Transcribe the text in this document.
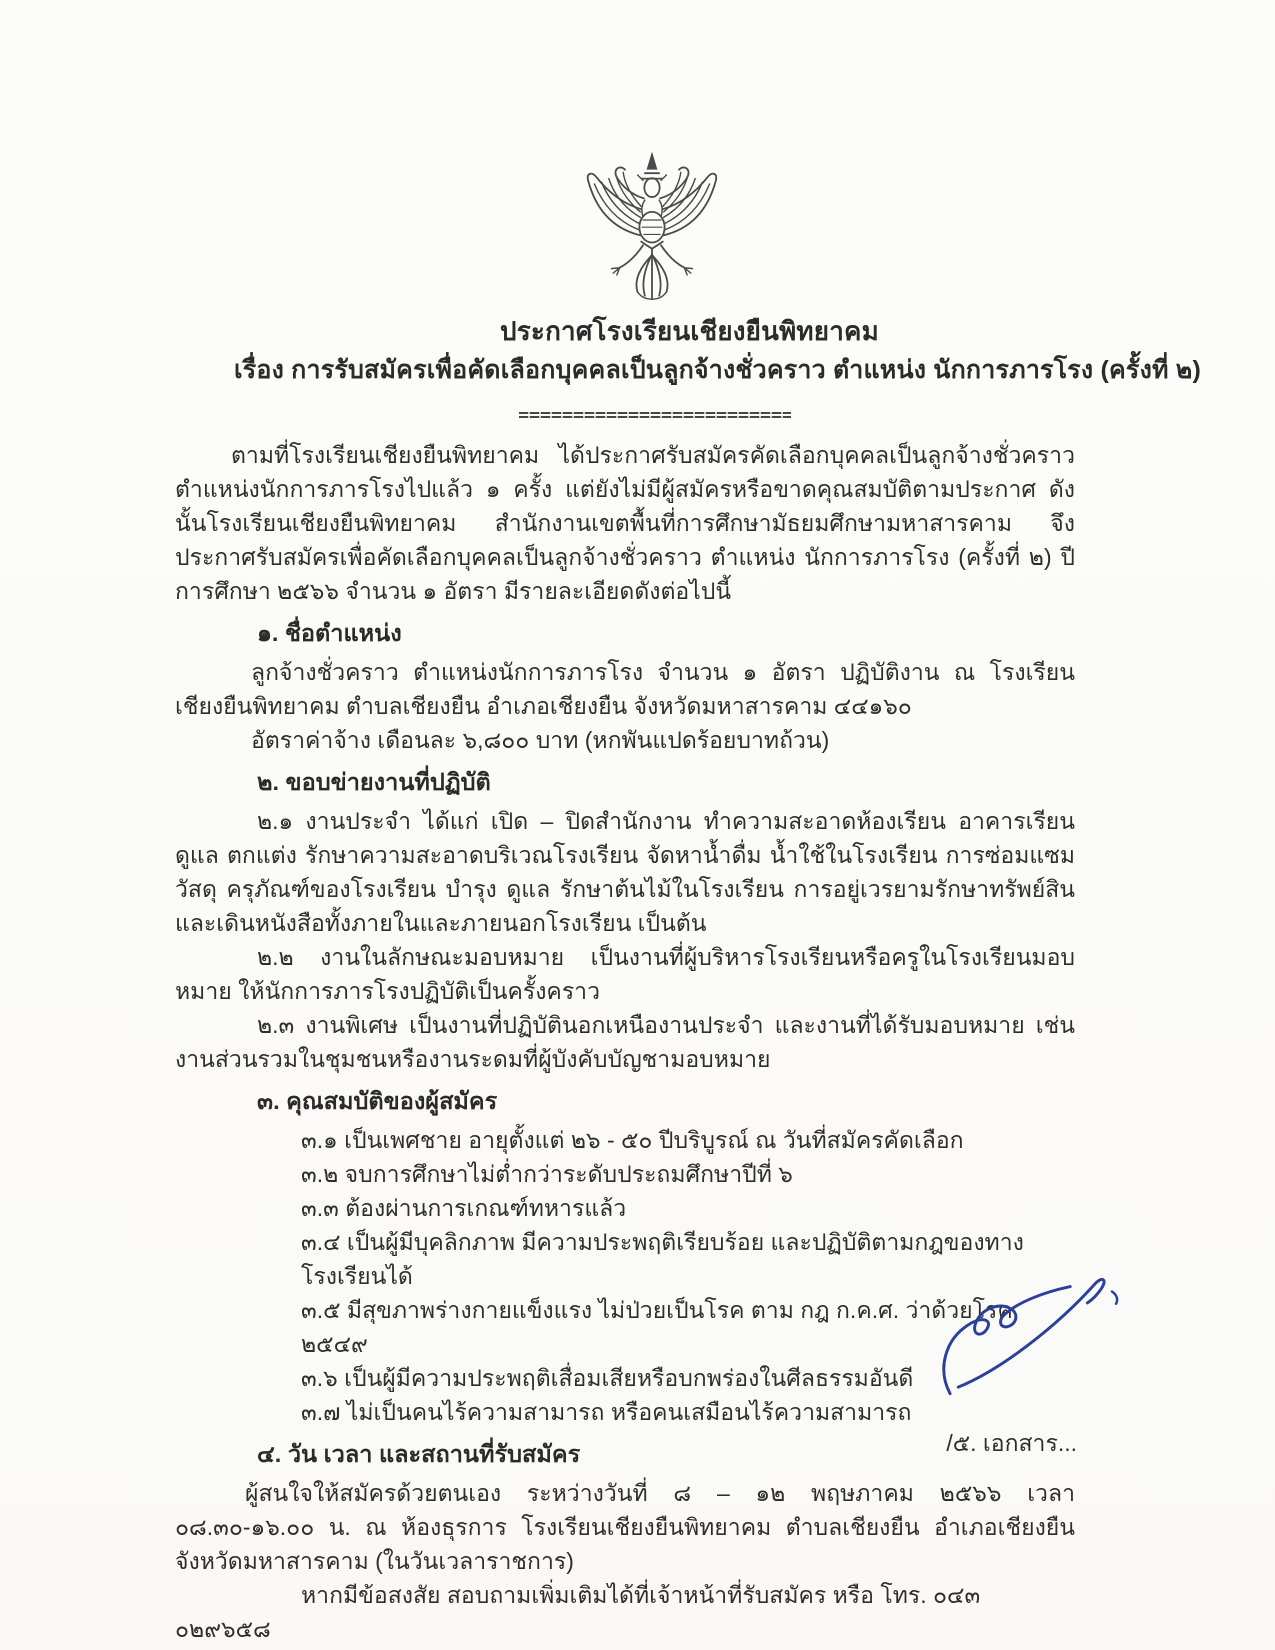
ประกาศโรงเรียนเชียงยืนพิทยาคม
เรื่อง การรับสมัครเพื่อคัดเลือกบุคคลเป็นลูกจ้างชั่วคราว ตำแหน่ง นักการภารโรง (ครั้งที่ ๒)

ตามที่โรงเรียนเชียงยืนพิทยาคม ได้ประกาศรับสมัครคัดเลือกบุคคลเป็นลูกจ้างชั่วคราว ตำแหน่งนักการภารโรงไปแล้ว ๑ ครั้ง แต่ยังไม่มีผู้สมัครหรือขาดคุณสมบัติตามประกาศ ดังนั้นโรงเรียนเชียงยืนพิทยาคม สำนักงานเขตพื้นที่การศึกษามัธยมศึกษามหาสารคาม จึงประกาศรับสมัครเพื่อคัดเลือกบุคคลเป็นลูกจ้างชั่วคราว ตำแหน่ง นักการภารโรง (ครั้งที่ ๒) ปีการศึกษา ๒๕๖๖ จำนวน ๑ อัตรา มีรายละเอียดดังต่อไปนี้

๑. ชื่อตำแหน่ง

ลูกจ้างชั่วคราว ตำแหน่งนักการภารโรง จำนวน ๑ อัตรา ปฏิบัติงาน ณ โรงเรียนเชียงยืนพิทยาคม ตำบลเชียงยืน อำเภอเชียงยืน จังหวัดมหาสารคาม ๔๔๑๖๐

อัตราค่าจ้าง เดือนละ ๖,๘๐๐ บาท (หกพันแปดร้อยบาทถ้วน)

๒. ขอบข่ายงานที่ปฏิบัติ

๒.๑ งานประจำ ได้แก่ เปิด – ปิดสำนักงาน ทำความสะอาดห้องเรียน อาคารเรียน ดูแล ตกแต่ง รักษาความสะอาดบริเวณโรงเรียน จัดหาน้ำดื่ม น้ำใช้ในโรงเรียน การซ่อมแซมวัสดุ ครุภัณฑ์ของโรงเรียน บำรุง ดูแล รักษาต้นไม้ในโรงเรียน การอยู่เวรยามรักษาทรัพย์สิน และเดินหนังสือทั้งภายในและภายนอกโรงเรียน เป็นต้น

๒.๒ งานในลักษณะมอบหมาย เป็นงานที่ผู้บริหารโรงเรียนหรือครูในโรงเรียนมอบหมาย ให้นักการภารโรงปฏิบัติเป็นครั้งคราว

๒.๓ งานพิเศษ เป็นงานที่ปฏิบัตินอกเหนืองานประจำ และงานที่ได้รับมอบหมาย เช่น งานส่วนรวมในชุมชนหรืองานระดมที่ผู้บังคับบัญชามอบหมาย

๓. คุณสมบัติของผู้สมัคร
๓.๑ เป็นเพศชาย อายุตั้งแต่ ๒๖ - ๕๐ ปีบริบูรณ์ ณ วันที่สมัครคัดเลือก
๓.๒ จบการศึกษาไม่ต่ำกว่าระดับประถมศึกษาปีที่ ๖
๓.๓ ต้องผ่านการเกณฑ์ทหารแล้ว
๓.๔ เป็นผู้มีบุคลิกภาพ มีความประพฤติเรียบร้อย และปฏิบัติตามกฎของทางโรงเรียนได้
๓.๕ มีสุขภาพร่างกายแข็งแรง ไม่ป่วยเป็นโรค ตาม กฎ ก.ค.ศ. ว่าด้วยโรค ๒๕๔๙
๓.๖ เป็นผู้มีความประพฤติเสื่อมเสียหรือบกพร่องในศีลธรรมอันดี
๓.๗ ไม่เป็นคนไร้ความสามารถ หรือคนเสมือนไร้ความสามารถ
๔. วัน เวลา และสถานที่รับสมัคร

ผู้สนใจให้สมัครด้วยตนเอง ระหว่างวันที่ ๘ – ๑๒ พฤษภาคม ๒๕๖๖ เวลา ๐๘.๓๐-๑๖.๐๐ น. ณ ห้องธุรการ โรงเรียนเชียงยืนพิทยาคม ตำบลเชียงยืน อำเภอเชียงยืน จังหวัดมหาสารคาม (ในวันเวลาราชการ)

หากมีข้อสงสัย สอบถามเพิ่มเติมได้ที่เจ้าหน้าที่รับสมัคร หรือ โทร. ๐๔๓ ๐๒๙๖๕๘

/๕. เอกสาร...
